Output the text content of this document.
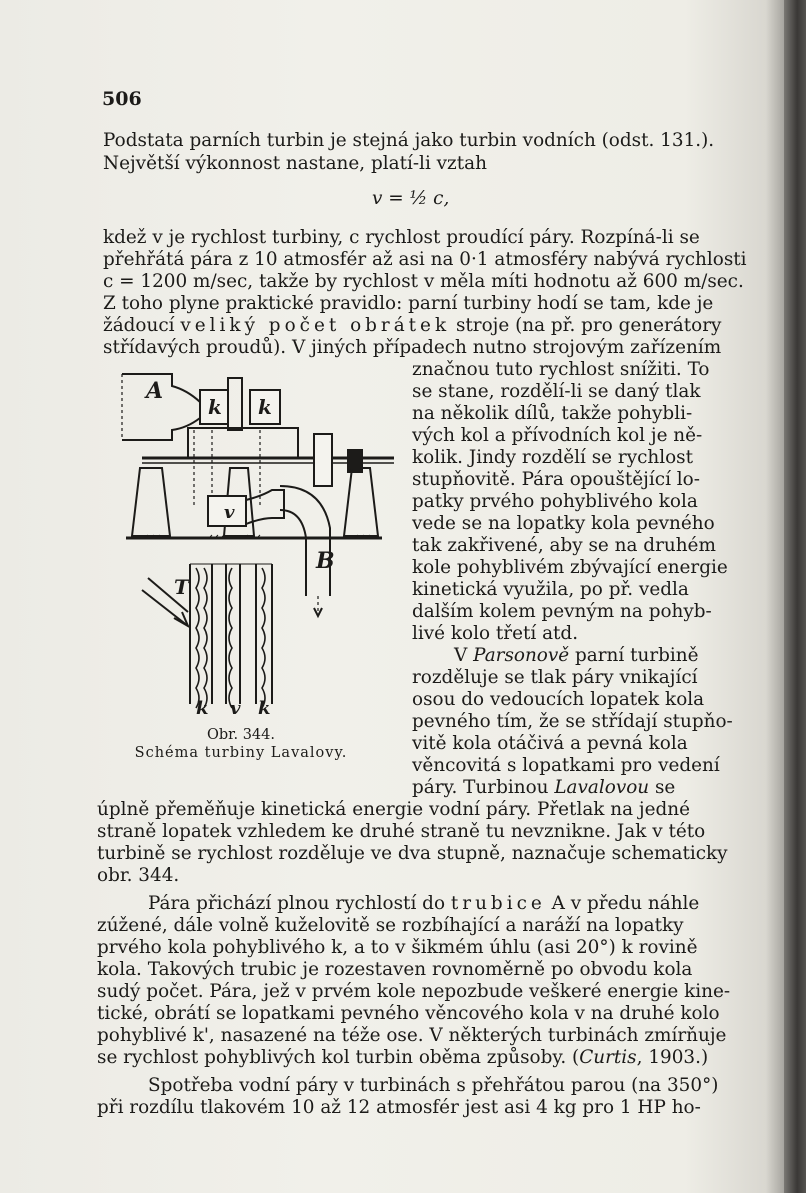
506
Podstata parních turbin je stejná jako turbin vodních (odst. 131.).
Největší výkonnost nastane, platí-li vztah
v = ½ c,
kdež v je rychlost turbiny, c rychlost proudící páry. Rozpíná-li se
přehřátá pára z 10 atmosfér až asi na 0·1 atmosféry nabývá rychlosti
c = 1200 m/sec, takže by rychlost v měla míti hodnotu až 600 m/sec.
Z toho plyne praktické pravidlo: parní turbiny hodí se tam, kde je
žádoucí veliký počet obrátek stroje (na př. pro generátory
střídavých proudů). V jiných případech nutno strojovým zařízením
značnou tuto rychlost snížiti. To
se stane, rozdělí-li se daný tlak
na několik dílů, takže pohybli-
vých kol a přívodních kol je ně-
kolik. Jindy rozdělí se rychlost
stupňovitě. Pára opouštějící lo-
patky prvého pohyblivého kola
vede se na lopatky kola pevného
tak zakřivené, aby se na druhém
kole pohyblivém zbývající energie
kinetická využila, po př. vedla
dalším kolem pevným na pohyb-
livé kolo třetí atd.
V Parsonově parní turbině
rozděluje se tlak páry vnikající
osou do vedoucích lopatek kola
pevného tím, že se střídají stupňo-
vitě kola otáčivá a pevná kola
věncovitá s lopatkami pro vedení
páry. Turbinou Lavalovou se
úplně přeměňuje kinetická energie vodní páry. Přetlak na jedné
straně lopatek vzhledem ke druhé straně tu nevznikne. Jak v této
turbině se rychlost rozděluje ve dva stupně, naznačuje schematicky
obr. 344.
Pára přichází plnou rychlostí do trubice A v předu náhle
zúžené, dále volně kuželovitě se rozbíhající a naráží na lopatky
prvého kola pohyblivého k, a to v šikmém úhlu (asi 20°) k rovině
kola. Takových trubic je rozestaven rovnoměrně po obvodu kola
sudý počet. Pára, jež v prvém kole nepozbude veškeré energie kine-
tické, obrátí se lopatkami pevného věncového kola v na druhé kolo
pohyblivé k', nasazené na téže ose. V některých turbinách zmírňuje
se rychlost pohyblivých kol turbin oběma způsoby. (Curtis, 1903.)
Spotřeba vodní páry v turbinách s přehřátou parou (na 350°)
při rozdílu tlakovém 10 až 12 atmosfér jest asi 4 kg pro 1 HP ho-
A
k k
v
B
T
k v k
Obr. 344.
Schéma turbiny Lavalovy.
